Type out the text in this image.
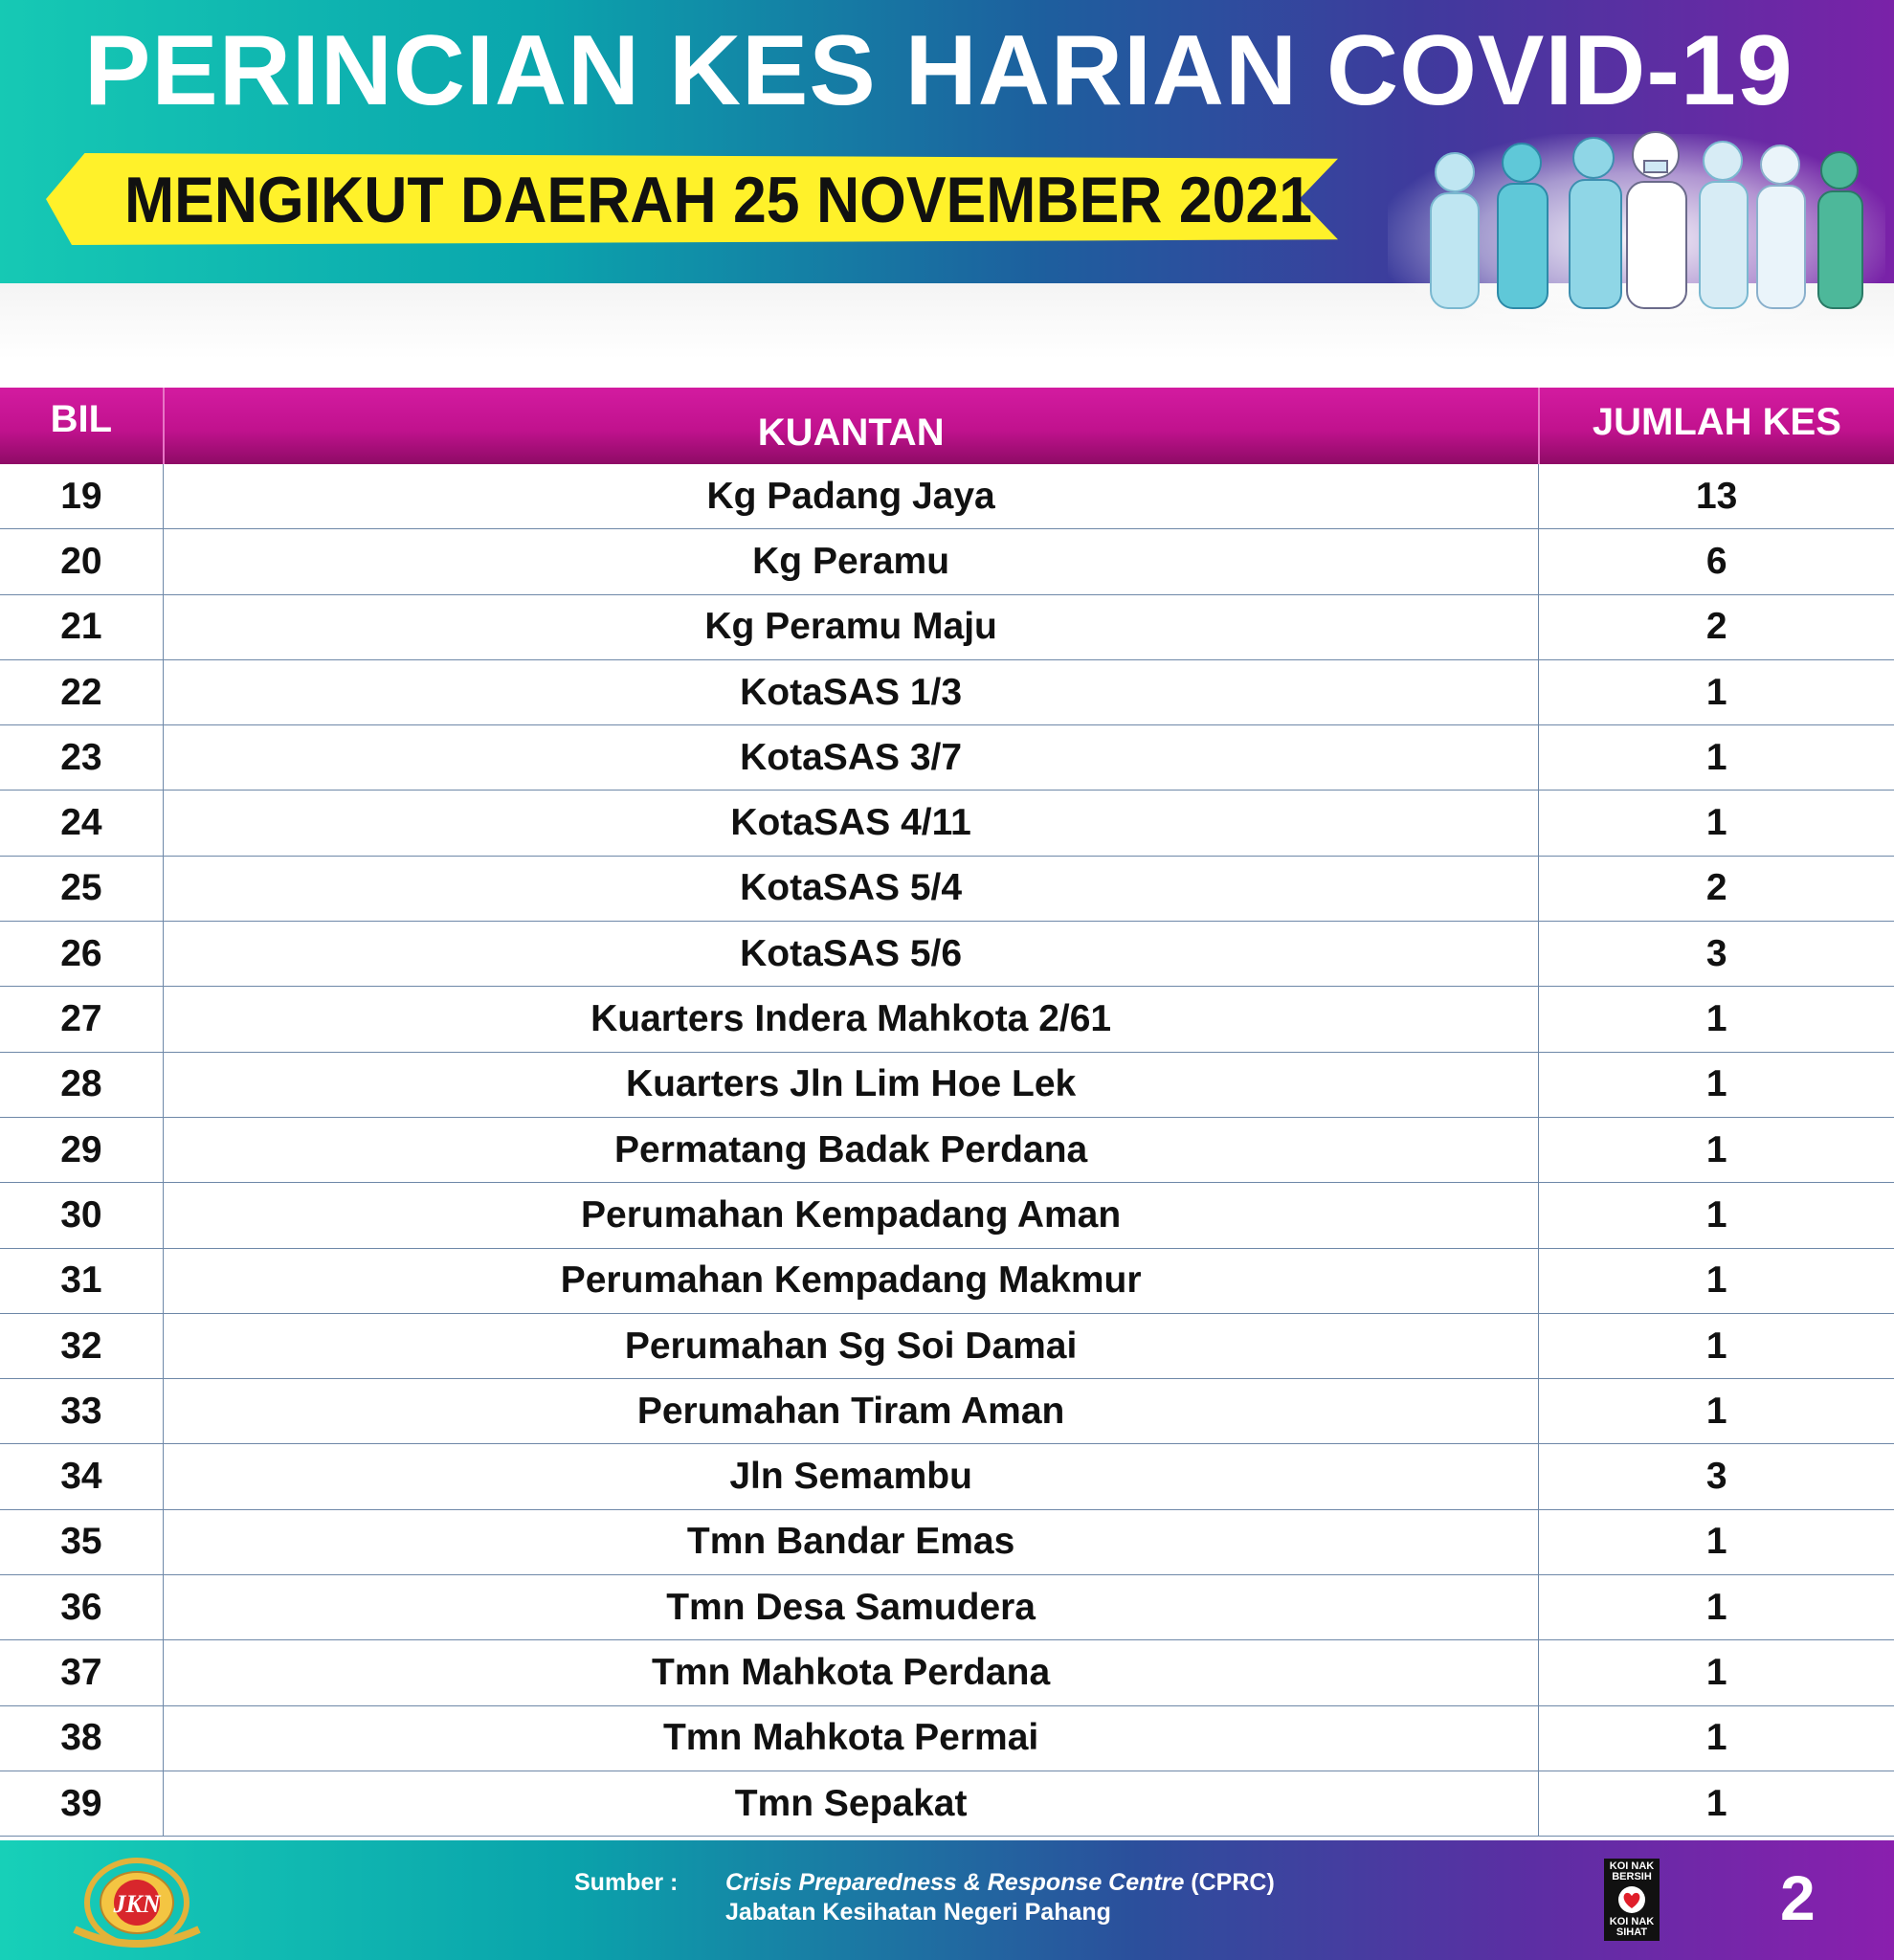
PERINCIAN KES HARIAN COVID-19
MENGIKUT DAERAH 25 NOVEMBER 2021
BIL	KUANTAN	JUMLAH KES
19	Kg Padang Jaya	13
20	Kg Peramu	6
21	Kg Peramu Maju	2
22	KotaSAS 1/3	1
23	KotaSAS 3/7	1
24	KotaSAS 4/11	1
25	KotaSAS 5/4	2
26	KotaSAS 5/6	3
27	Kuarters Indera Mahkota 2/61	1
28	Kuarters Jln Lim Hoe Lek	1
29	Permatang Badak Perdana	1
30	Perumahan Kempadang Aman	1
31	Perumahan Kempadang Makmur	1
32	Perumahan Sg Soi Damai	1
33	Perumahan Tiram Aman	1
34	Jln Semambu	3
35	Tmn Bandar Emas	1
36	Tmn Desa Samudera	1
37	Tmn Mahkota Perdana	1
38	Tmn Mahkota Permai	1
39	Tmn Sepakat	1
JKN
Sumber : Crisis Preparedness & Response Centre (CPRC)
Jabatan Kesihatan Negeri Pahang
KOI NAK BERSIH
KOI NAK SIHAT 2
